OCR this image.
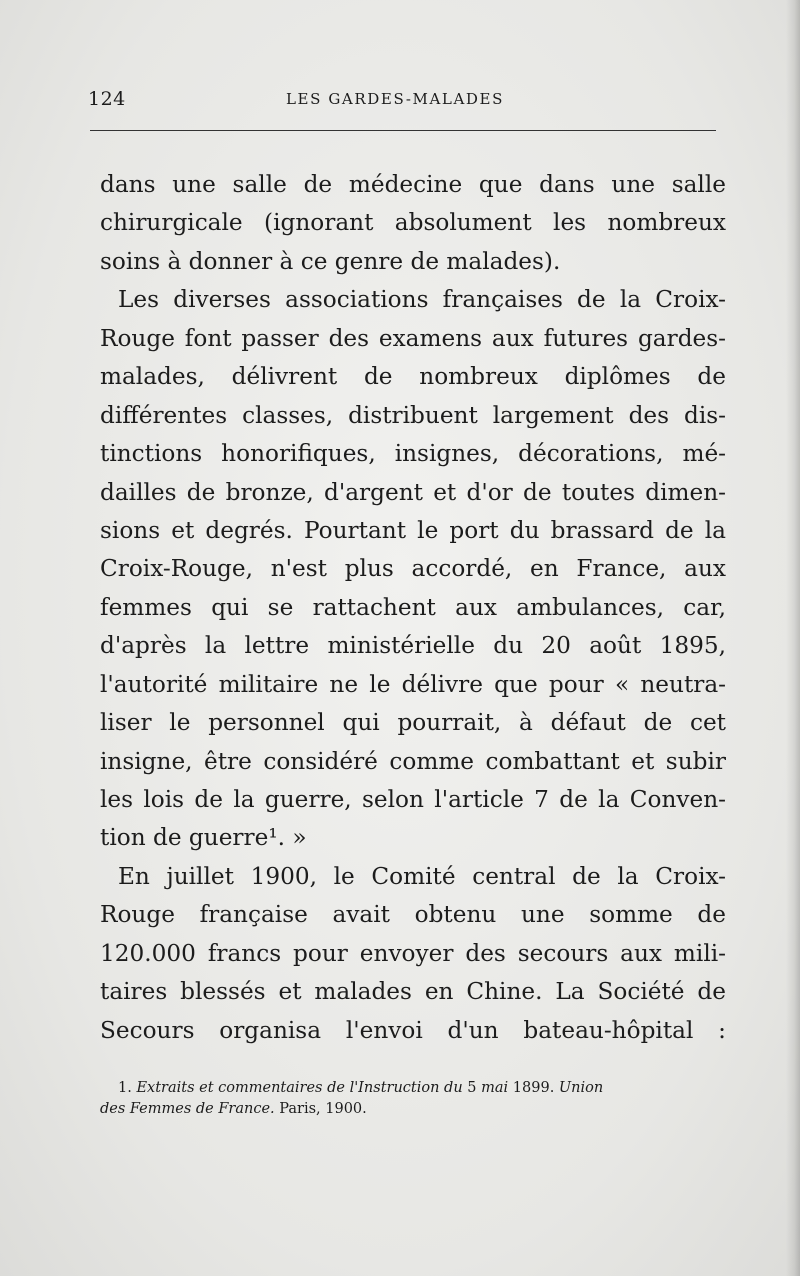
124	LES GARDES-MALADES
dans une salle de médecine que dans une salle
chirurgicale (ignorant absolument les nombreux
soins à donner à ce genre de malades).
Les diverses associations françaises de la Croix-
Rouge font passer des examens aux futures gardes-
malades, délivrent de nombreux diplômes de
différentes classes, distribuent largement des dis-
tinctions honorifiques, insignes, décorations, mé-
dailles de bronze, d'argent et d'or de toutes dimen-
sions et degrés. Pourtant le port du brassard de la
Croix-Rouge, n'est plus accordé, en France, aux
femmes qui se rattachent aux ambulances, car,
d'après la lettre ministérielle du 20 août 1895,
l'autorité militaire ne le délivre que pour « neutra-
liser le personnel qui pourrait, à défaut de cet
insigne, être considéré comme combattant et subir
les lois de la guerre, selon l'article 7 de la Conven-
tion de guerre¹. »
En juillet 1900, le Comité central de la Croix-
Rouge française avait obtenu une somme de
120.000 francs pour envoyer des secours aux mili-
taires blessés et malades en Chine. La Société de
Secours organisa l'envoi d'un bateau-hôpital :
1. Extraits et commentaires de l'Instruction du 5 mai 1899. Union
des Femmes de France. Paris, 1900.
